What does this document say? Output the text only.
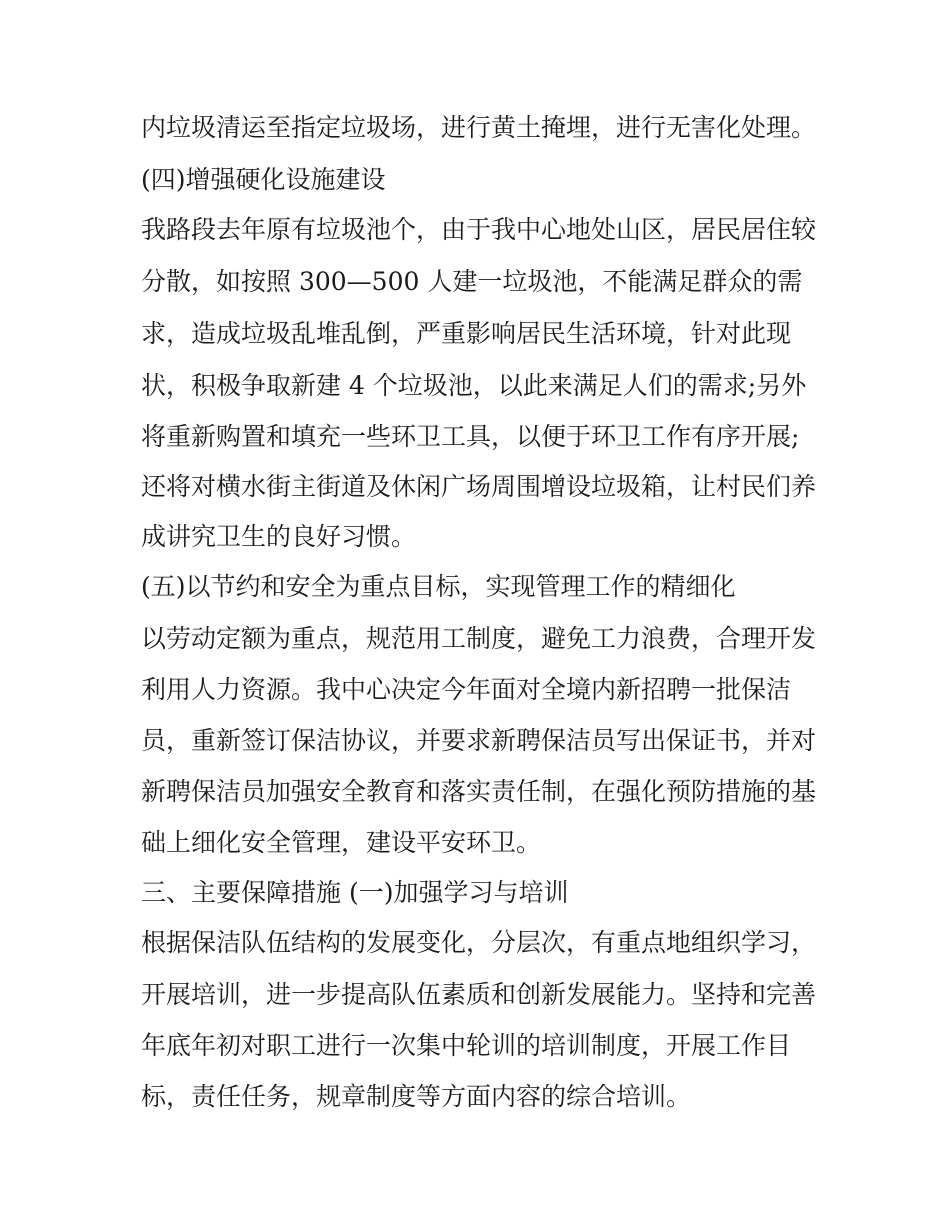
内垃圾清运至指定垃圾场，进行黄土掩埋，进行无害化处理。
(四)增强硬化设施建设
我路段去年原有垃圾池个，由于我中心地处山区，居民居住较
分散，如按照 300—500 人建一垃圾池，不能满足群众的需
求，造成垃圾乱堆乱倒，严重影响居民生活环境，针对此现
状，积极争取新建 4 个垃圾池，以此来满足人们的需求;另外
将重新购置和填充一些环卫工具，以便于环卫工作有序开展;
还将对横水街主街道及休闲广场周围增设垃圾箱，让村民们养
成讲究卫生的良好习惯。
(五)以节约和安全为重点目标，实现管理工作的精细化
以劳动定额为重点，规范用工制度，避免工力浪费，合理开发
利用人力资源。我中心决定今年面对全境内新招聘一批保洁
员，重新签订保洁协议，并要求新聘保洁员写出保证书，并对
新聘保洁员加强安全教育和落实责任制，在强化预防措施的基
础上细化安全管理，建设平安环卫。
三、主要保障措施 (一)加强学习与培训
根据保洁队伍结构的发展变化，分层次，有重点地组织学习，
开展培训，进一步提高队伍素质和创新发展能力。坚持和完善
年底年初对职工进行一次集中轮训的培训制度，开展工作目
标，责任任务，规章制度等方面内容的综合培训。
